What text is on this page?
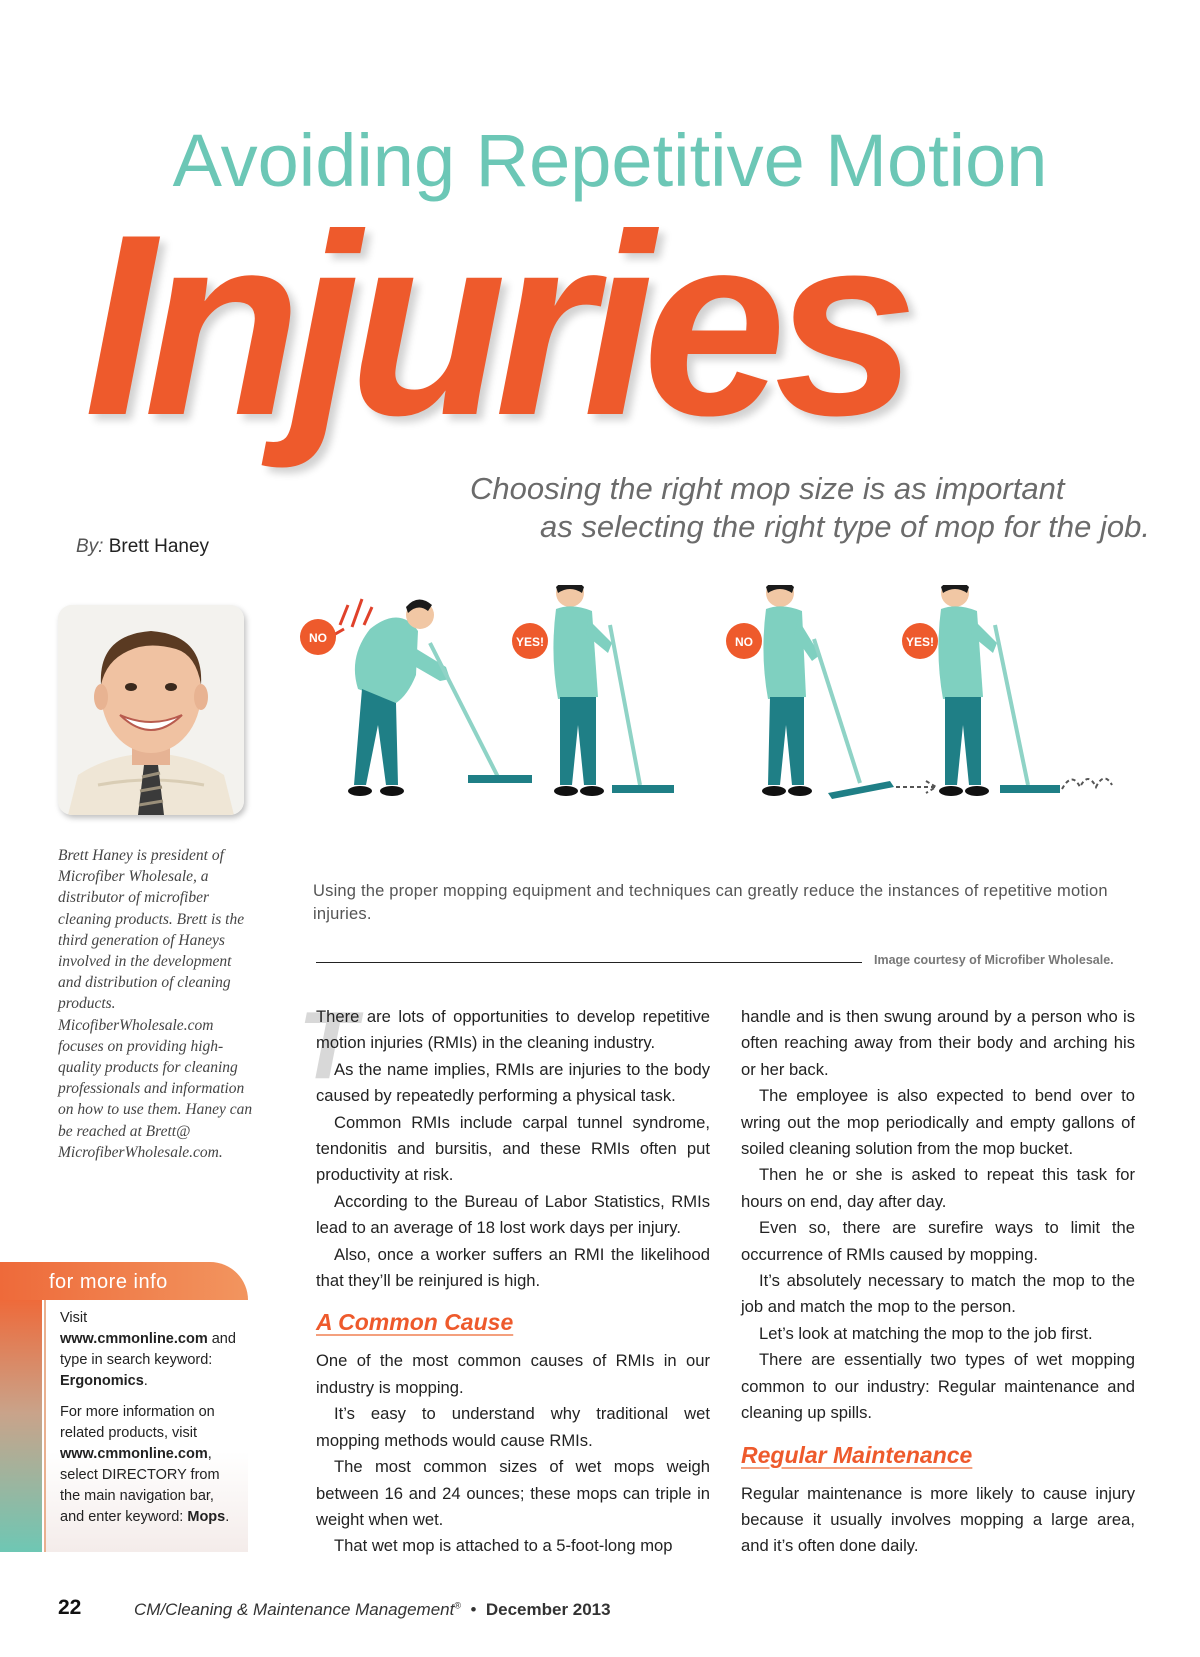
Avoiding Repetitive Motion
Injuries
Choosing the right mop size is as important
as selecting the right type of mop for the job.
By: Brett Haney
Brett Haney is president of Microfiber Wholesale, a distributor of microfiber cleaning products. Brett is the third generation of Haneys involved in the development and distribution of cleaning products. MicofiberWholesale.com focuses on providing high-quality products for cleaning professionals and information on how to use them. Haney can be reached at Brett@ MicrofiberWholesale.com.
NO	YES!	NO	YES!
Using the proper mopping equipment and techniques can greatly reduce the instances of repetitive motion injuries.
Image courtesy of Microfiber Wholesale.
T

There are lots of opportunities to develop repetitive motion injuries (RMIs) in the cleaning industry.

As the name implies, RMIs are injuries to the body caused by repeatedly performing a physical task.

Common RMIs include carpal tunnel syndrome, tendonitis and bursitis, and these RMIs often put productivity at risk.

According to the Bureau of Labor Statistics, RMIs lead to an average of 18 lost work days per injury.

Also, once a worker suffers an RMI the likelihood that they’ll be reinjured is high.

A Common Cause

One of the most common causes of RMIs in our industry is mopping.

It’s easy to understand why traditional wet mopping methods would cause RMIs.

The most common sizes of wet mops weigh between 16 and 24 ounces; these mops can triple in weight when wet.

That wet mop is attached to a 5-foot-long mop

handle and is then swung around by a person who is often reaching away from their body and arching his or her back.

The employee is also expected to bend over to wring out the mop periodically and empty gallons of soiled cleaning solution from the mop bucket.

Then he or she is asked to repeat this task for hours on end, day after day.

Even so, there are surefire ways to limit the occurrence of RMIs caused by mopping.

It’s absolutely necessary to match the mop to the job and match the mop to the person.

Let’s look at matching the mop to the job first.

There are essentially two types of wet mopping common to our industry: Regular maintenance and cleaning up spills.

Regular Maintenance

Regular maintenance is more likely to cause injury because it usually involves mopping a large area, and it’s often done daily.

for more info

Visit www.cmmonline.com and type in search keyword: Ergonomics.

For more information on related products, visit www.cmmonline.com, select DIRECTORY from the main navigation bar, and enter keyword: Mops.

22	CM/Cleaning & Maintenance Management® • December 2013
